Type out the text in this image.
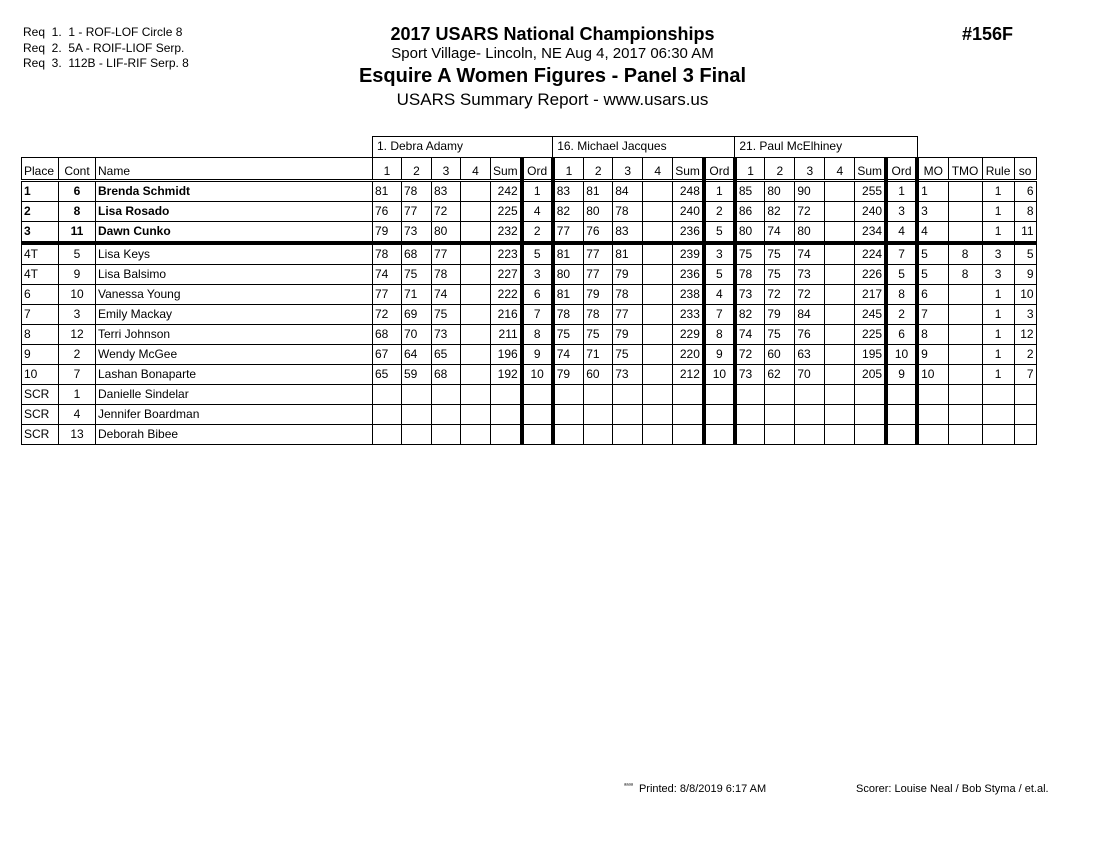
Req  1.  1 - ROF-LOF Circle 8
Req  2.  5A - ROIF-LIOF Serp.
Req  3.  112B - LIF-RIF Serp. 8
2017 USARS National Championships
Sport Village- Lincoln, NE Aug 4, 2017 06:30 AM
Esquire A Women Figures - Panel 3 Final
USARS Summary Report - www.usars.us
#156F
			1. Debra Adamy						16. Michael Jacques						21. Paul McElhiney									
Place	Cont	Name	1	2	3	4	Sum	Ord	1	2	3	4	Sum	Ord	1	2	3	4	Sum	Ord	MO	TMO	Rule	so
1	6	Brenda Schmidt	81	78	83		242	1	83	81	84		248	1	85	80	90		255	1	1		1	6
2	8	Lisa Rosado	76	77	72		225	4	82	80	78		240	2	86	82	72		240	3	3		1	8
3	11	Dawn Cunko	79	73	80		232	2	77	76	83		236	5	80	74	80		234	4	4		1	11
4T	5	Lisa Keys	78	68	77		223	5	81	77	81		239	3	75	75	74		224	7	5	8	3	5
4T	9	Lisa Balsimo	74	75	78		227	3	80	77	79		236	5	78	75	73		226	5	5	8	3	9
6	10	Vanessa Young	77	71	74		222	6	81	79	78		238	4	73	72	72		217	8	6		1	10
7	3	Emily Mackay	72	69	75		216	7	78	78	77		233	7	82	79	84		245	2	7		1	3
8	12	Terri Johnson	68	70	73		211	8	75	75	79		229	8	74	75	76		225	6	8		1	12
9	2	Wendy McGee	67	64	65		196	9	74	71	75		220	9	72	60	63		195	10	9		1	2
10	7	Lashan Bonaparte	65	59	68		192	10	79	60	73		212	10	73	62	70		205	9	10		1	7
SCR	1	Danielle Sindelar																						
SCR	4	Jennifer Boardman																						
SCR	13	Deborah Bibee																						
$^{ᵃᵃᵃᵃ}$ Printed: 8/8/2019 6:17 AM	Scorer: Louise Neal / Bob Styma / et.al.
